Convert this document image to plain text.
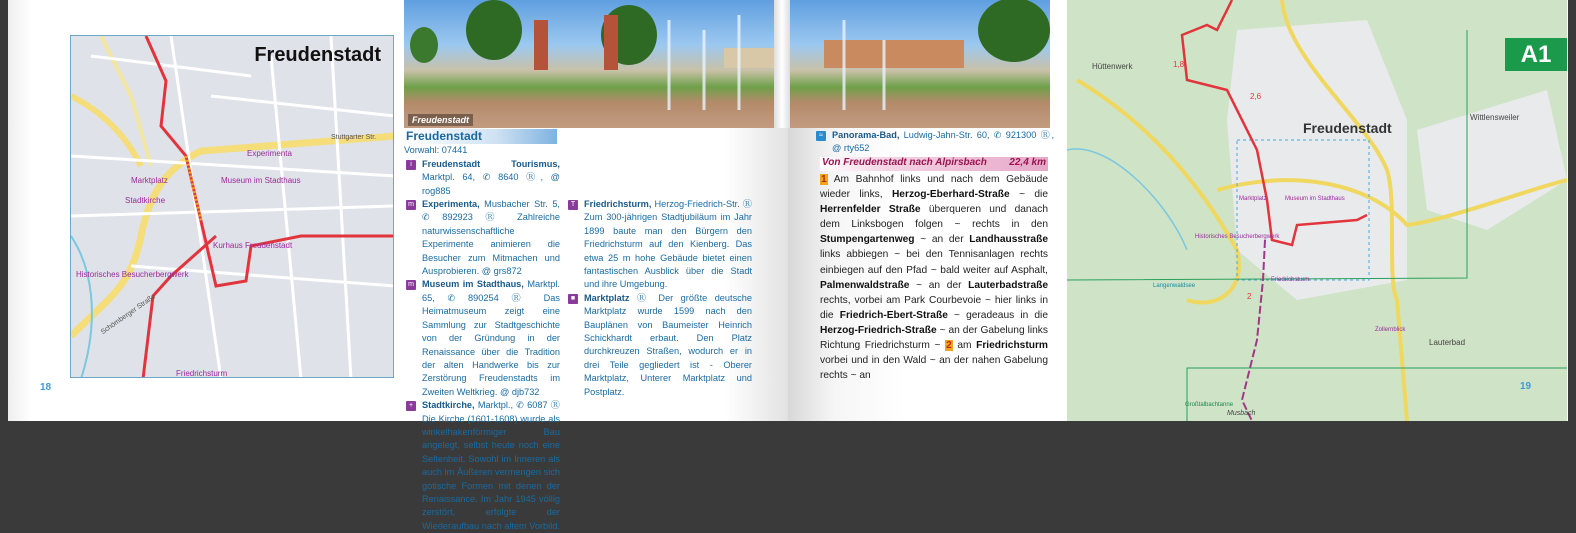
Freudenstadt
Experimenta
Marktplatz	Museum im Stadthaus
Stadtkirche
Kurhaus Freudenstadt
Historisches Besucherbergwerk
Friedrichsturm
Stuttgarter Str.
Schömberger Straße
Freudenstadt
Freudenstadt
Vorwahl: 07441
i	Freudenstadt Tourismus, Marktpl. 64, ✆ 8640 Ⓡ, @ rog885
m Experimenta, Musbacher Str. 5, ✆ 892923 Ⓡ Zahlreiche naturwissenschaftliche Experimente animieren die Besucher zum Mitmachen und Ausprobieren. @ grs872
m Museum im Stadthaus, Marktpl. 65, ✆ 890254 Ⓡ Das Heimatmuseum zeigt eine Sammlung zur Stadtgeschichte von der Gründung in der Renaissance über die Tradition der alten Handwerke bis zur Zerstörung Freudenstadts im Zweiten Weltkrieg. @ djb732
+ Stadtkirche, Marktpl., ✆ 6087 Ⓡ Die Kirche (1601-1608) wurde als winkelhakenförmiger Bau angelegt, selbst heute noch eine Seltenheit. Sowohl im Inneren als auch im Äußeren vermengen sich gotische Formen mit denen der Renaissance. Im Jahr 1945 völlig zerstört, erfolgte der Wiederaufbau nach altem Vorbild.
T Friedrichsturm, Herzog-Friedrich-Str. Ⓡ Zum 300-jährigen Stadtjubiläum im Jahr 1899 baute man den Bürgern den Friedrichsturm auf den Kienberg. Das etwa 25 m hohe Gebäude bietet einen fantastischen Ausblick über die Stadt und ihre Umgebung.
■ Marktplatz Ⓡ Der größte deutsche Marktplatz wurde 1599 nach den Bauplänen von Baumeister Heinrich Schickhardt erbaut. Den Platz durchkreuzen Straßen, wodurch er in drei Teile gegliedert ist - Oberer Marktplatz, Unterer Marktplatz und Postplatz.
≈ Panorama-Bad, Ludwig-Jahn-Str. 60, ✆ 921300 Ⓡ, @ rty652
Von Freudenstadt nach Alpirsbach 22,4 km
1 Am Bahnhof links und nach dem Gebäude wieder links, Herzog-Eberhard-Straße ~ die Herrenfelder Straße überqueren und danach dem Linksbogen folgen ~ rechts in den Stumpengartenweg ~ an der Landhausstraße links abbiegen ~ bei den Tennisanlagen rechts einbiegen auf den Pfad ~ bald weiter auf Asphalt, Palmenwaldstraße ~ an der Lauterbadstraße rechts, vorbei am Park Courbevoie ~ hier links in die Friedrich-Ebert-Straße ~ geradeaus in die Herzog-Friedrich-Straße ~ an der Gabelung links Richtung Friedrichsturm ~ 2 am Friedrichsturm vorbei und in den Wald ~ an der nahen Gabelung rechts ~ an
A1
Freudenstadt
Hüttenwerk
Wittlensweiler
Lauterbad
Langenwaldsee
Zollernblick
Marktplatz	Museum im Stadthaus
Historisches Besucherbergwerk
Friedrichsturm
Großtalbachtanne
Musbach
1,8
2,6
2
18	19
